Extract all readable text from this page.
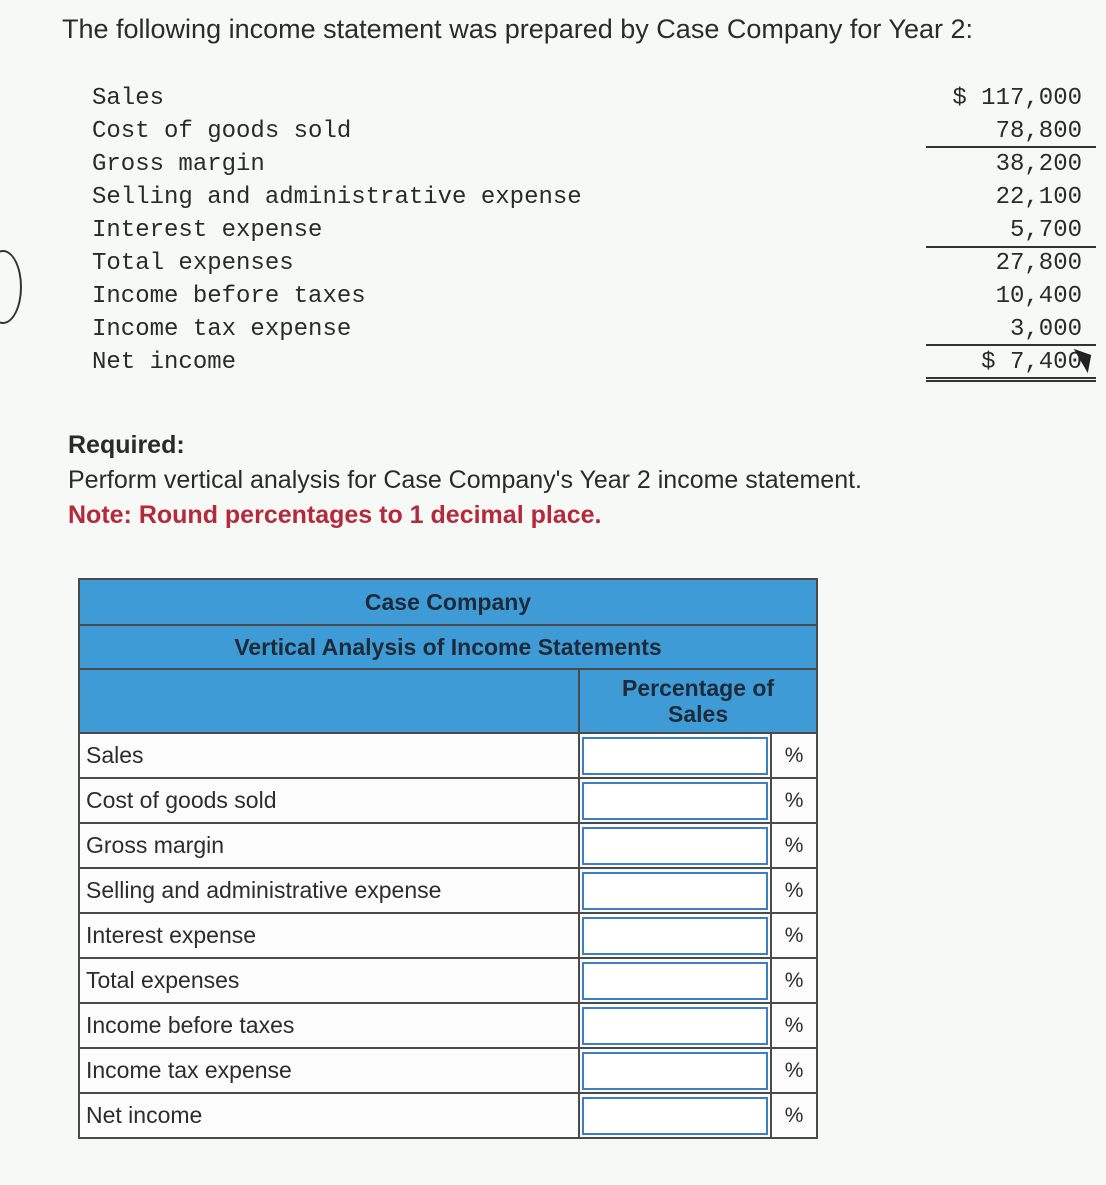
The following income statement was prepared by Case Company for Year 2:
Sales	$ 117,000
Cost of goods sold	78,800
Gross margin	38,200
Selling and administrative expense	22,100
Interest expense	5,700
Total expenses	27,800
Income before taxes	10,400
Income tax expense	3,000
Net income	$ 7,400
Required:
Perform vertical analysis for Case Company's Year 2 income statement.
Note: Round percentages to 1 decimal place.
Case Company		
Vertical Analysis of Income Statements		

	Percentage of
Sales	

Sales		%
Cost of goods sold		%
Gross margin		%
Selling and administrative expense		%
Interest expense		%
Total expenses		%
Income before taxes		%
Income tax expense		%
Net income		%
